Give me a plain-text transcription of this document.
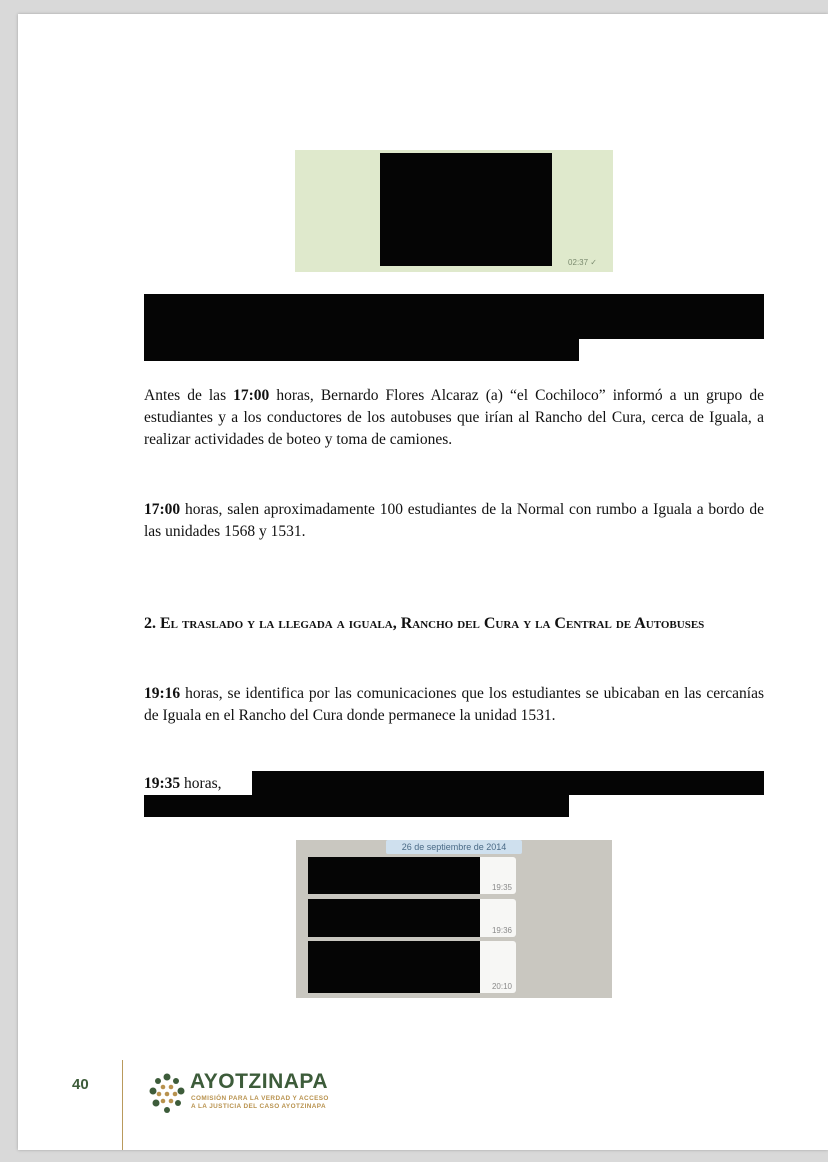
02:37 ✓

Antes de las 17:00 horas, Bernardo Flores Alcaraz (a) “el Cochiloco” informó a un grupo de estudiantes y a los conductores de los autobuses que irían al Rancho del Cura, cerca de Iguala, a realizar actividades de boteo y toma de camiones.

17:00 horas, salen aproximadamente 100 estudiantes de la Normal con rumbo a Iguala a bordo de las unidades 1568 y 1531.

2. El traslado y la llegada a iguala, Rancho del Cura y la Central de Autobuses

19:16 horas, se identifica por las comunicaciones que los estudiantes se ubicaban en las cercanías de Iguala en el Rancho del Cura donde permanece la unidad 1531.

19:35 horas,

26 de septiembre de 2014
19:35
19:36
20:10
40	AYOTZINAPA
COMISIÓN PARA LA VERDAD Y ACCESO
A LA JUSTICIA DEL CASO AYOTZINAPA
